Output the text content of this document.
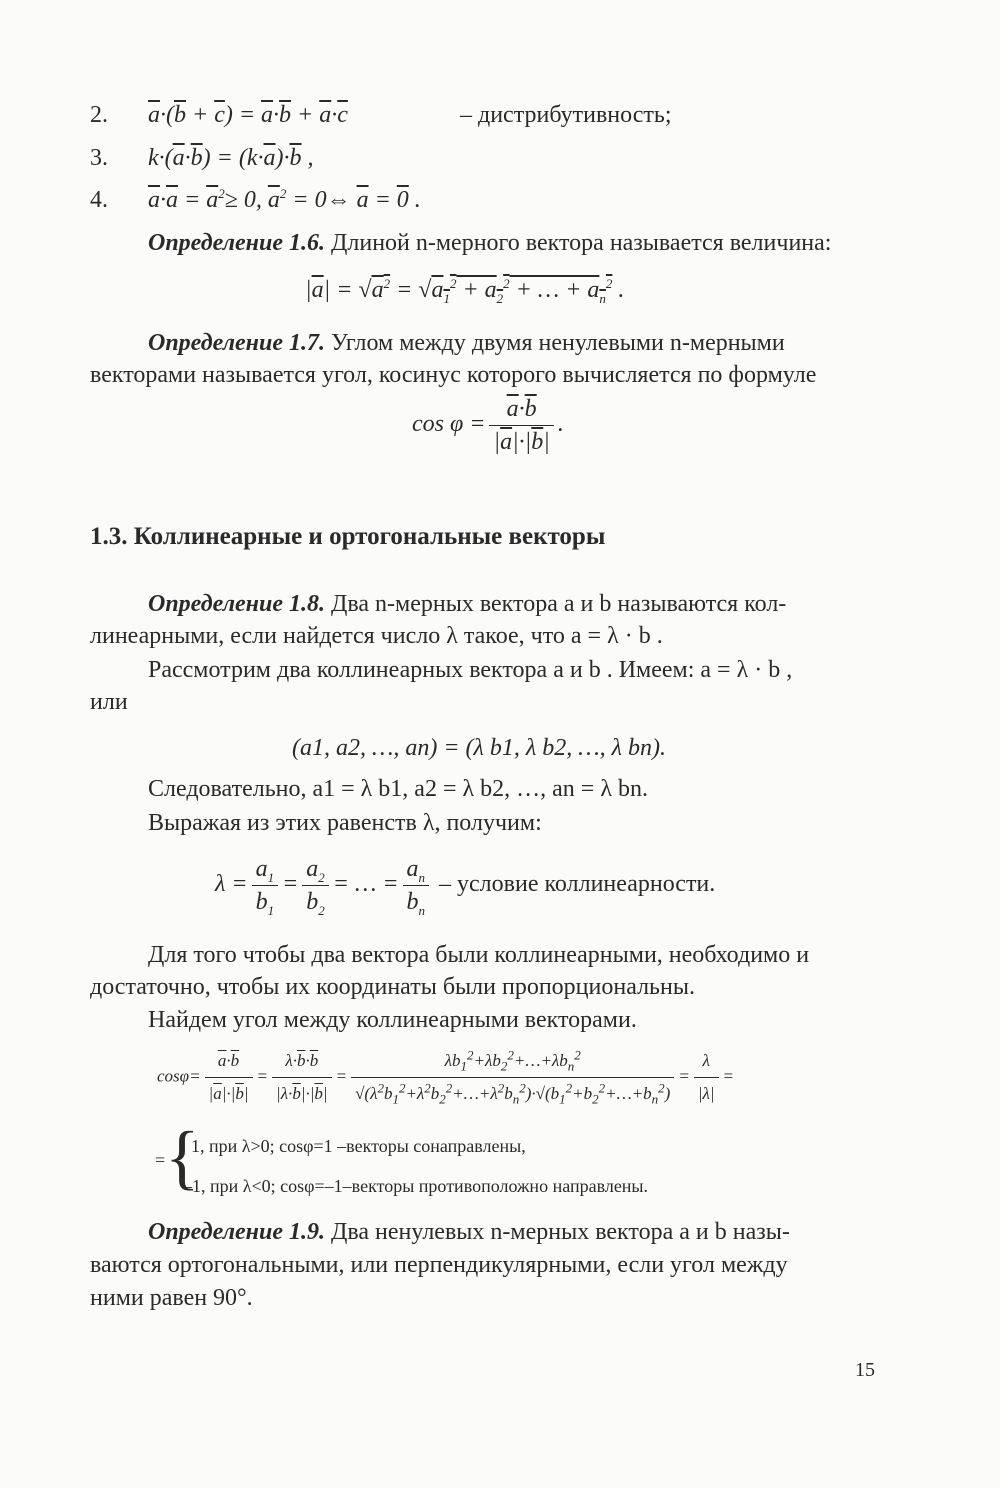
2. $\overline{a}\cdot(\overline{b} + \overline{c}) = \overline{a}\cdot\overline{b} + \overline{a}\cdot\overline{c}$	– дистрибутивность;
3. $k\cdot(\overline{a}\cdot\overline{b}) = (k\cdot\overline{a})\cdot\overline{b}$ ,
4. $\overline{a}\cdot\overline{a} = \overline{a}^2\ge 0$, $\overline{a}^2$ = 0⇔ $\overline{a} = 0$ .
Определение 1.6. Длиной n-мерного вектора называется величина:
$|\overline{a}| = √a^2 = √a_1^2 + a_2^2$ + … + $a_n^2$ .
Определение 1.7. Углом между двумя ненулевыми n-мерными
векторами называется угол, косинус которого вычисляется по формуле
$\cos \varphi = \frac{\overline{a}\cdot\overline{b}}{|\overline{a}|\cdot|\overline{b}|}$ .
1.3. Коллинеарные и ортогональные векторы
Определение 1.8. Два n-мерных вектора a и b называются кол-
линеарными, если найдется число λ такое, что a = λ · b .
Рассмотрим два коллинеарных вектора a и b . Имеем: a = λ · b ,
или
(a1, a2, …, an) = (λ b1, λ b2, …, λ bn).
Следовательно, a1 = λ b1, a2 = λ b2, …, an = λ bn.
Выражая из этих равенств λ, получим:
$\lambda = \frac{a_1}{b_1} = \frac{a_2}{b_2}$ = … = $\frac{a_n}{b_n}$ – условие коллинеарности.
Для того чтобы два вектора были коллинеарными, необходимо и
достаточно, чтобы их координаты были пропорциональны.
Найдем угол между коллинеарными векторами.
$\cos\varphi= \frac{\overline{a}\cdot\overline{b}}{|\overline{a}|\cdot|\overline{b}|} = \frac{\lambda\cdot\overline{b}\cdot\overline{b}}{|\lambda\cdot\overline{b}|\cdot|\overline{b}|} = \frac{\lambda b_1^2+\lambda b_2^2+\dots+\lambda b_n^2}{√(\lambda^2b_1^2+\lambda^2b_2^2+\dots+\lambda^2b_n^2)\cdot√(b_1^2+b_2^2+\dots+b_n^2)} = \frac{\lambda}{|\lambda|}$ =
= {
1, при λ>0; cosφ=1 –векторы сонаправлены,
–1, при λ<0; cosφ=–1–векторы противоположно направлены.
Определение 1.9. Два ненулевых n-мерных вектора a и b назы-
ваются ортогональными, или перпендикулярными, если угол между
ними равен 90°.
15
